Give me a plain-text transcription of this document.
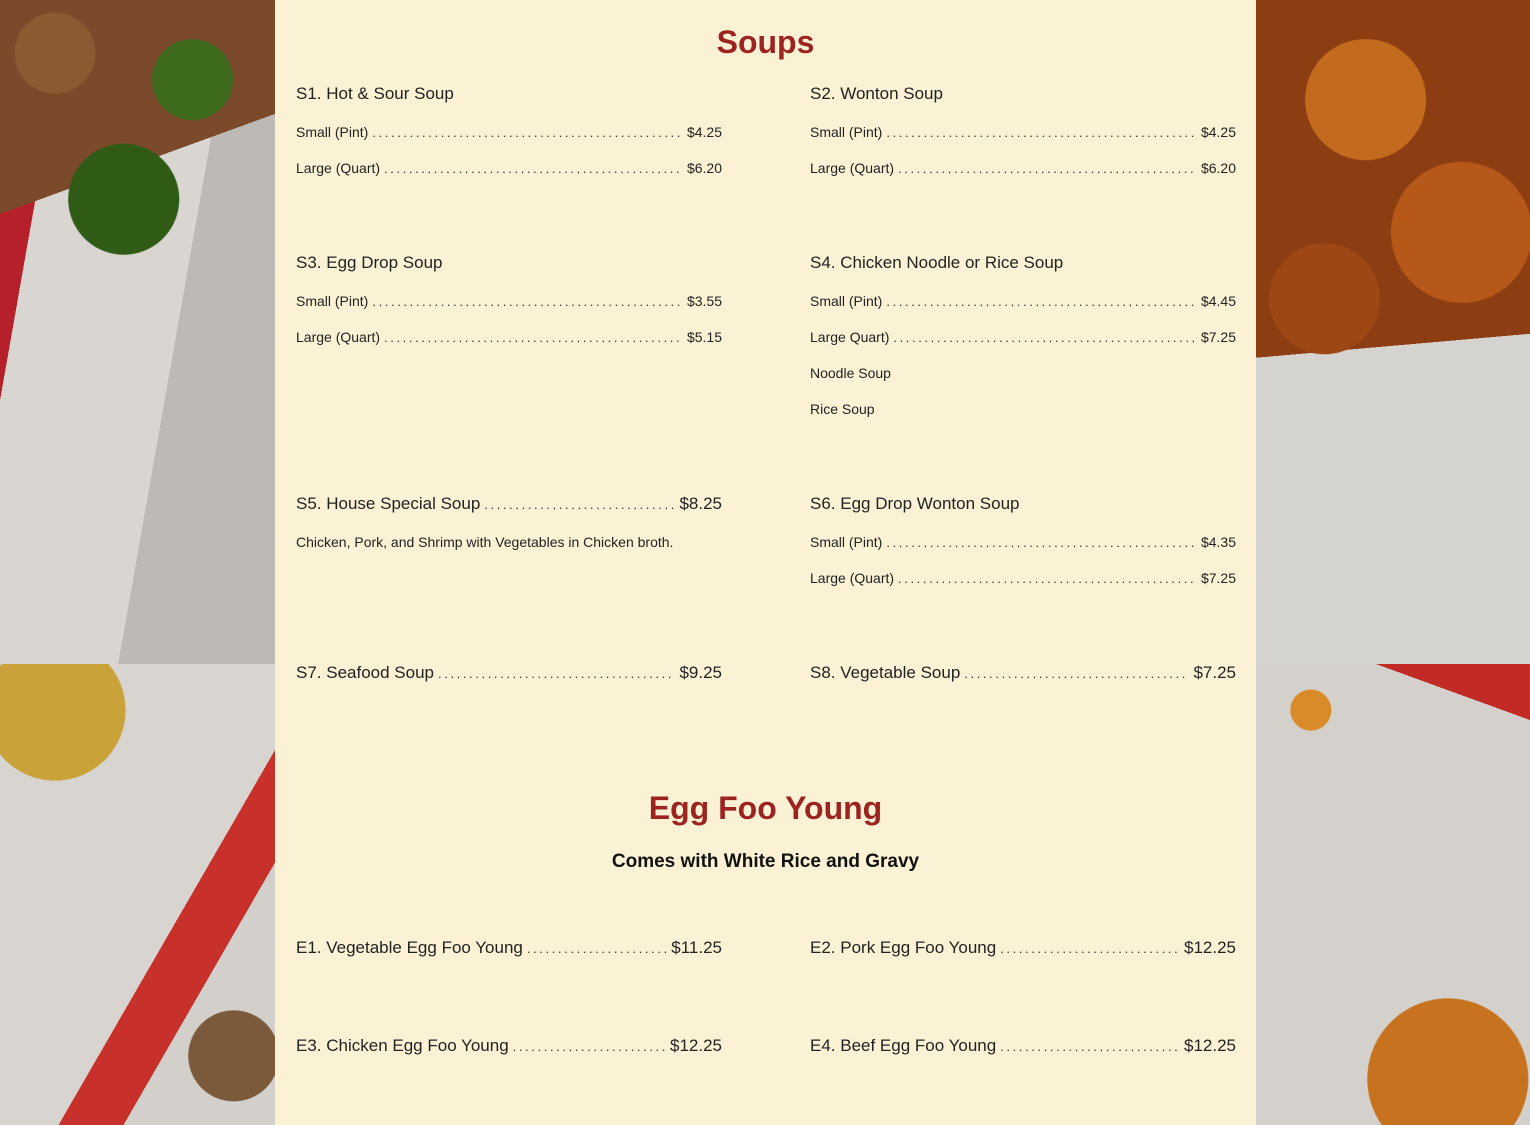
Soups
S1. Hot & Sour Soup
Small (Pint) .....	$4.25
Large (Quart) .....	$6.20
S2. Wonton Soup
Small (Pint) .....	$4.25
Large (Quart) .....	$6.20
S3. Egg Drop Soup
Small (Pint) .....	$3.55
Large (Quart) .....	$5.15
S4. Chicken Noodle or Rice Soup
Small (Pint) .....	$4.45
Large Quart) .....	$7.25
Noodle Soup
Rice Soup
S5. House Special Soup .....	$8.25
Chicken, Pork, and Shrimp with Vegetables in Chicken broth.
S6. Egg Drop Wonton Soup
Small (Pint) .....	$4.35
Large (Quart) .....	$7.25
S7. Seafood Soup .....	$9.25	S8. Vegetable Soup .....	$7.25
Egg Foo Young
Comes with White Rice and Gravy
E1. Vegetable Egg Foo Young .....	$11.25	E2. Pork Egg Foo Young .....	$12.25
E3. Chicken Egg Foo Young .....	$12.25	E4. Beef Egg Foo Young .....	$12.25
